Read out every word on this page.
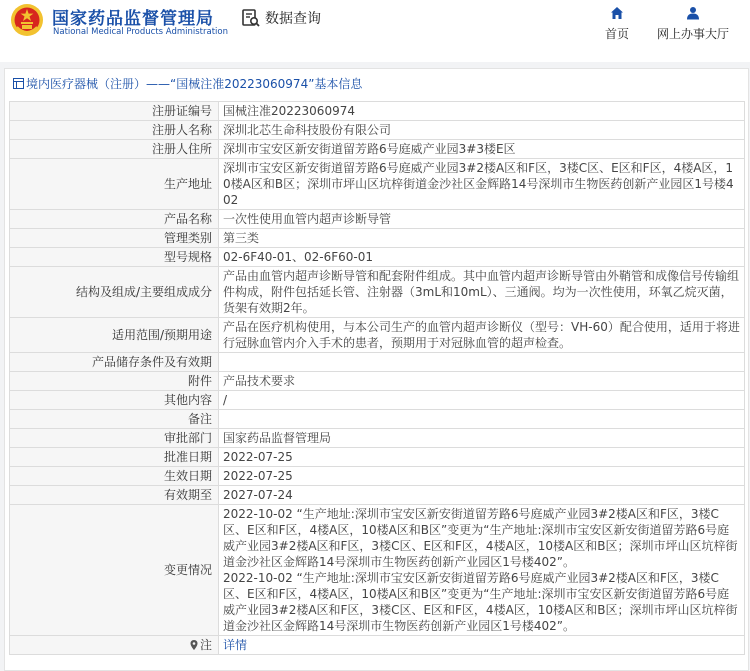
国家药品监督管理局
National Medical Products Administration
数据查询
首页	网上办事大厅
境内医疗器械（注册）——“国械注准20223060974”基本信息
注册证编号	国械注准20223060974
注册人名称	深圳北芯生命科技股份有限公司
注册人住所	深圳市宝安区新安街道留芳路6号庭威产业园3#3楼E区
生产地址	深圳市宝安区新安街道留芳路6号庭威产业园3#2楼A区和F区，3楼C区、E区和F区，4楼A区，10楼A区和B区；深圳市坪山区坑梓街道金沙社区金辉路14号深圳市生物医药创新产业园区1号楼402
产品名称	一次性使用血管内超声诊断导管
管理类别	第三类
型号规格	02-6F40-01、02-6F60-01
结构及组成/主要组成成分	产品由血管内超声诊断导管和配套附件组成。其中血管内超声诊断导管由外鞘管和成像信号传输组件构成，附件包括延长管、注射器（3mL和10mL）、三通阀。均为一次性使用，环氧乙烷灭菌，货架有效期2年。
适用范围/预期用途	产品在医疗机构使用，与本公司生产的血管内超声诊断仪（型号：VH-60）配合使用，适用于将进行冠脉血管内介入手术的患者，预期用于对冠脉血管的超声检查。
产品储存条件及有效期	
附件	产品技术要求
其他内容	/
备注	
审批部门	国家药品监督管理局
批准日期	2022-07-25
生效日期	2022-07-25
有效期至	2027-07-24
变更情况	2022-10-02 “生产地址:深圳市宝安区新安街道留芳路6号庭威产业园3#2楼A区和F区，3楼C区、E区和F区，4楼A区，10楼A区和B区”变更为“生产地址:深圳市宝安区新安街道留芳路6号庭威产业园3#2楼A区和F区，3楼C区、E区和F区，4楼A区，10楼A区和B区；深圳市坪山区坑梓街道金沙社区金辉路14号深圳市生物医药创新产业园区1号楼402”。
2022-10-02 “生产地址:深圳市宝安区新安街道留芳路6号庭威产业园3#2楼A区和F区，3楼C区、E区和F区，4楼A区，10楼A区和B区”变更为“生产地址:深圳市宝安区新安街道留芳路6号庭威产业园3#2楼A区和F区，3楼C区、E区和F区，4楼A区，10楼A区和B区；深圳市坪山区坑梓街道金沙社区金辉路14号深圳市生物医药创新产业园区1号楼402”。

注	详情
